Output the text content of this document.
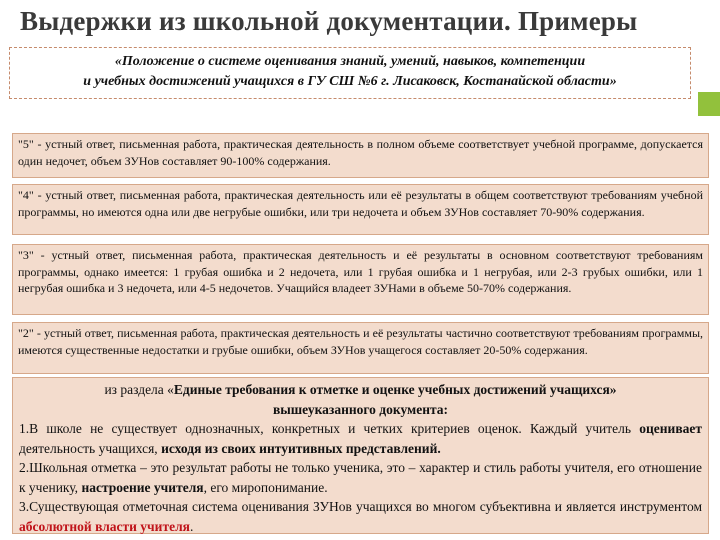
Выдержки из школьной документации. Примеры
«Положение о системе оценивания знаний, умений, навыков, компетенции
и учебных достижений учащихся в ГУ СШ №6 г. Лисаковск, Костанайской области»
"5" - устный ответ, письменная работа, практическая деятельность в полном объеме соответствует учебной программе, допускается один недочет, объем ЗУНов составляет 90-100% содержания.
"4" - устный ответ, письменная работа, практическая деятельность или её результаты в общем соответствуют требованиям учебной программы, но имеются одна или две негрубые ошибки, или три недочета и объем ЗУНов составляет 70-90% содержания.
"3" - устный ответ, письменная работа, практическая деятельность и её результаты в основном соответствуют требованиям программы, однако имеется: 1 грубая ошибка и 2 недочета, или 1 грубая ошибка и 1 негрубая, или 2-3 грубых ошибки, или 1 негрубая ошибка и 3 недочета, или 4-5 недочетов. Учащийся владеет ЗУНами в объеме 50-70% содержания.
"2" - устный ответ, письменная работа, практическая деятельность и её результаты частично соответствуют требованиям программы, имеются существенные недостатки и грубые ошибки, объем ЗУНов учащегося составляет 20-50% содержания.
из раздела «Единые требования к отметке и оценке учебных достижений учащихся»
вышеуказанного документа:
1.В школе не существует однозначных, конкретных и четких критериев оценок. Каждый учитель оценивает деятельность учащихся, исходя из своих интуитивных представлений.
2.Школьная отметка – это результат работы не только ученика, это – характер и стиль работы учителя, его отношение к ученику, настроение учителя, его миропонимание.
3.Существующая отметочная система оценивания ЗУНов учащихся во многом субъективна и является инструментом абсолютной власти учителя.
